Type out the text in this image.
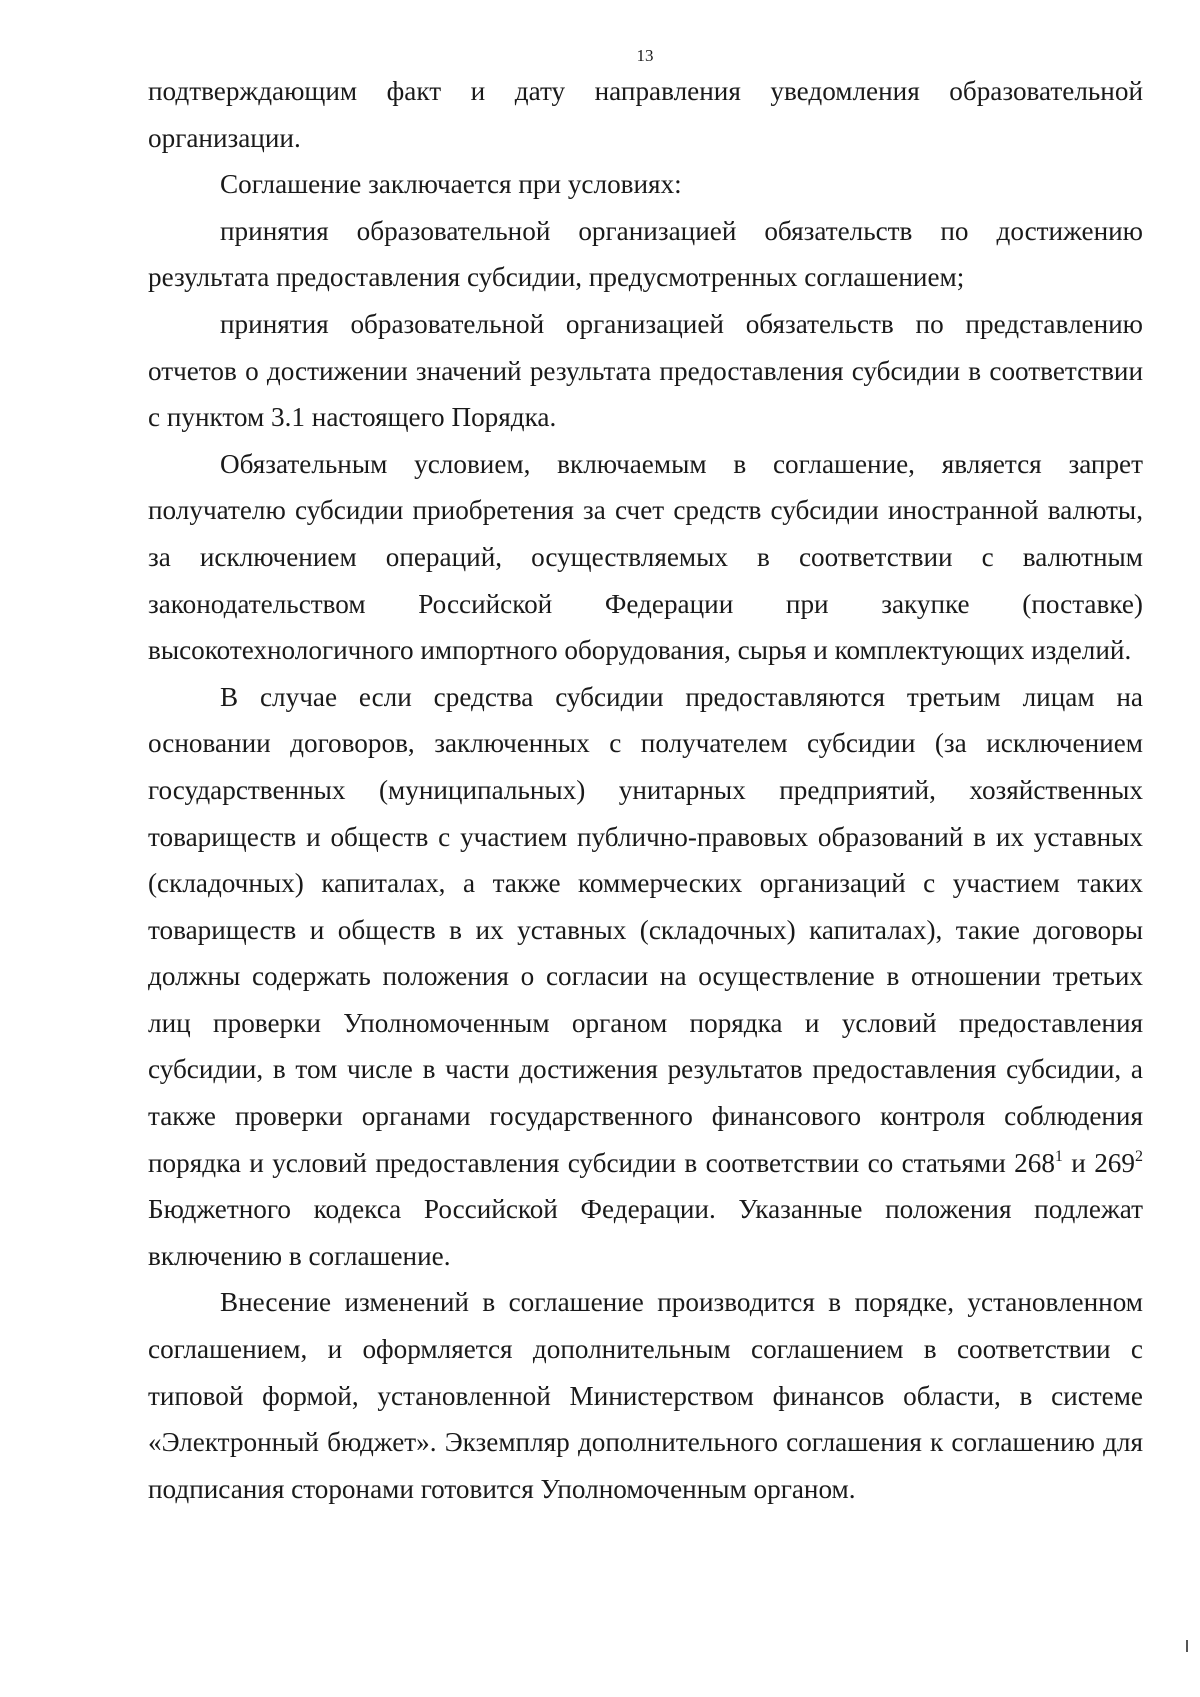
13

подтверждающим факт и дату направления уведомления образовательной организации.

Соглашение заключается при условиях:

принятия образовательной организацией обязательств по достижению результата предоставления субсидии, предусмотренных соглашением;

принятия образовательной организацией обязательств по представлению отчетов о достижении значений результата предоставления субсидии в соответствии с пунктом 3.1 настоящего Порядка.

Обязательным условием, включаемым в соглашение, является запрет получателю субсидии приобретения за счет средств субсидии иностранной валюты, за исключением операций, осуществляемых в соответствии с валютным законодательством Российской Федерации при закупке (поставке) высокотехнологичного импортного оборудования, сырья и комплектующих изделий.

В случае если средства субсидии предоставляются третьим лицам на основании договоров, заключенных с получателем субсидии (за исключением государственных (муниципальных) унитарных предприятий, хозяйственных товариществ и обществ с участием публично-правовых образований в их уставных (складочных) капиталах, а также коммерческих организаций с участием таких товариществ и обществ в их уставных (складочных) капиталах), такие договоры должны содержать положения о согласии на осуществление в отношении третьих лиц проверки Уполномоченным органом порядка и условий предоставления субсидии, в том числе в части достижения результатов предоставления субсидии, а также проверки органами государственного финансового контроля соблюдения порядка и условий предоставления субсидии в соответствии со статьями $268^1$ и $269^2$ Бюджетного кодекса Российской Федерации. Указанные положения подлежат включению в соглашение.

Внесение изменений в соглашение производится в порядке, установленном соглашением, и оформляется дополнительным соглашением в соответствии с типовой формой, установленной Министерством финансов области, в системе «Электронный бюджет». Экземпляр дополнительного соглашения к соглашению для подписания сторонами готовится Уполномоченным органом.
